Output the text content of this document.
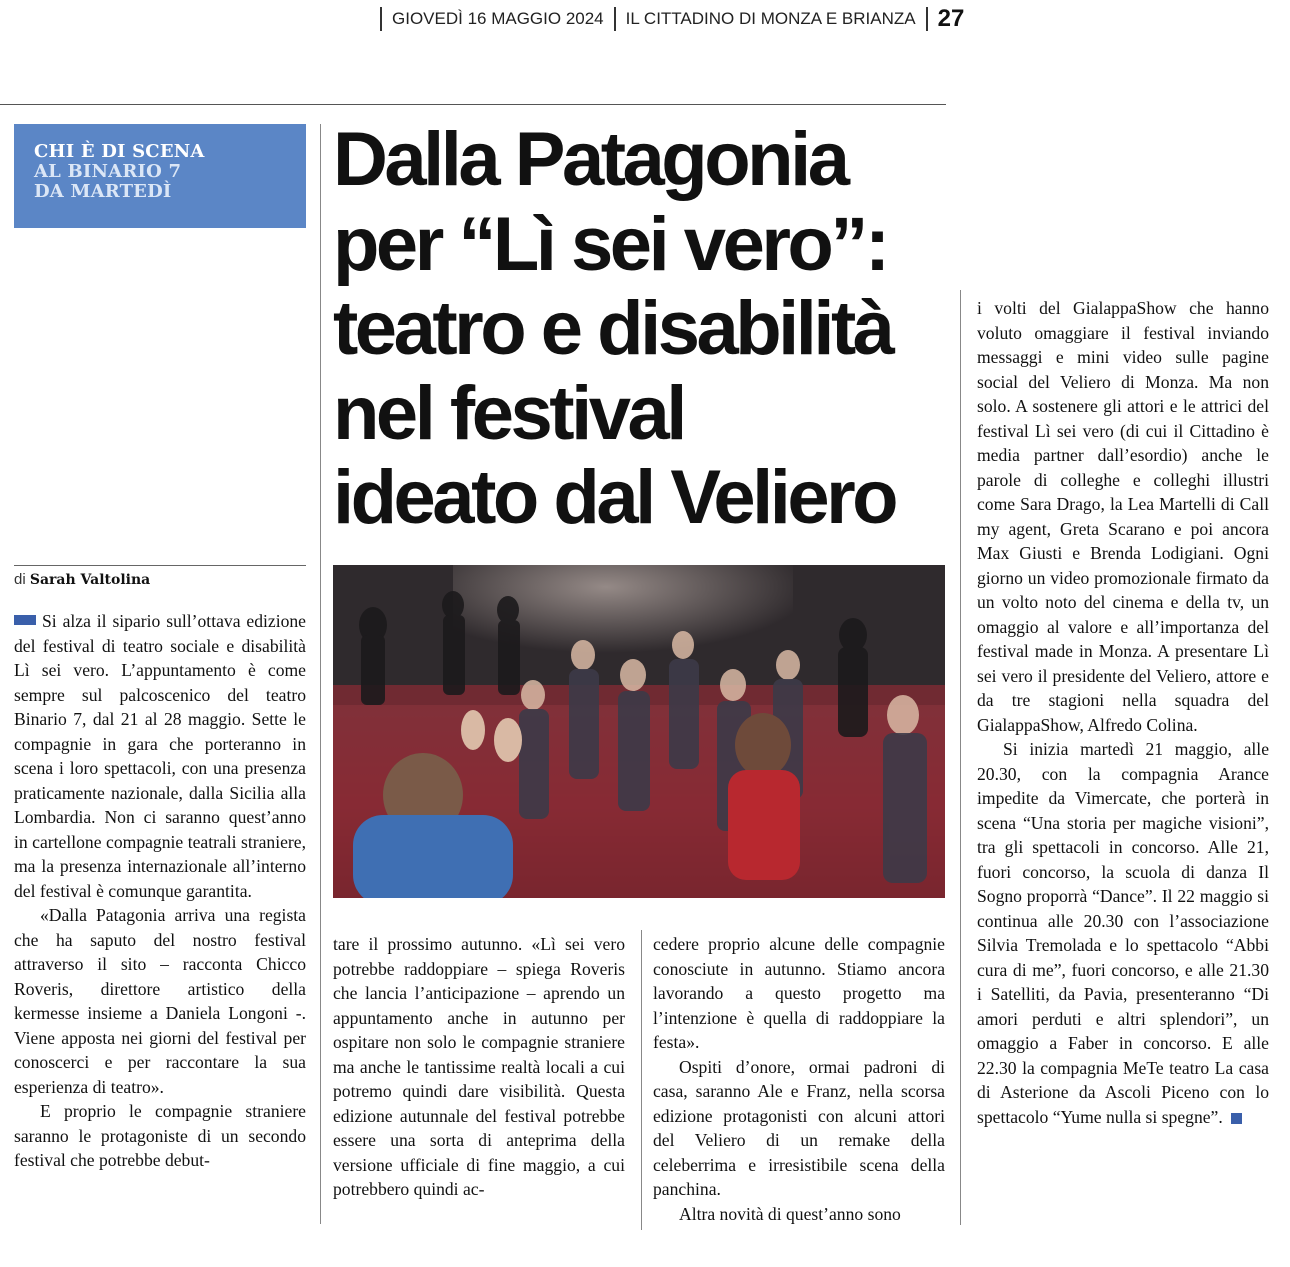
GIOVEDÌ 16 MAGGIO 2024 IL CITTADINO DI MONZA E BRIANZA 27
CHI È DI SCENA
AL BINARIO 7
DA MARTEDÌ	Dalla Patagonia
per “Lì sei vero”:
teatro e disabilità
nel festival
ideato dal Veliero
di Sarah Valtolina

Si alza il sipario sull’ottava edizione del festival di teatro sociale e disabilità Lì sei vero. L’appuntamento è come sempre sul palcoscenico del teatro Binario 7, dal 21 al 28 maggio. Sette le compagnie in gara che porteranno in scena i loro spettacoli, con una presenza praticamente nazionale, dalla Sicilia alla Lombardia. Non ci saranno quest’anno in cartellone compagnie teatrali straniere, ma la presenza internazionale all’interno del festival è comunque garantita.

«Dalla Patagonia arriva una regista che ha saputo del nostro festival attraverso il sito – racconta Chicco Roveris, direttore artistico della kermesse insieme a Daniela Longoni -. Viene apposta nei giorni del festival per conoscerci e per raccontare la sua esperienza di teatro».

E proprio le compagnie straniere saranno le protagoniste di un secondo festival che potrebbe debut-

tare il prossimo autunno. «Lì sei vero potrebbe raddoppiare – spiega Roveris che lancia l’anticipazione – aprendo un appuntamento anche in autunno per ospitare non solo le compagnie straniere ma anche le tantissime realtà locali a cui potremo quindi dare visibilità. Questa edizione autunnale del festival potrebbe essere una sorta di anteprima della versione ufficiale di fine maggio, a cui potrebbero quindi ac-

cedere proprio alcune delle compagnie conosciute in autunno. Stiamo ancora lavorando a questo progetto ma l’intenzione è quella di raddoppiare la festa».

Ospiti d’onore, ormai padroni di casa, saranno Ale e Franz, nella scorsa edizione protagonisti con alcuni attori del Veliero di un remake della celeberrima e irresistibile scena della panchina.

Altra novità di quest’anno sono

i volti del GialappaShow che hanno voluto omaggiare il festival inviando messaggi e mini video sulle pagine social del Veliero di Monza. Ma non solo. A sostenere gli attori e le attrici del festival Lì sei vero (di cui il Cittadino è media partner dall’esordio) anche le parole di colleghe e colleghi illustri come Sara Drago, la Lea Martelli di Call my agent, Greta Scarano e poi ancora Max Giusti e Brenda Lodigiani. Ogni giorno un video promozionale firmato da un volto noto del cinema e della tv, un omaggio al valore e all’importanza del festival made in Monza. A presentare Lì sei vero il presidente del Veliero, attore e da tre stagioni nella squadra del GialappaShow, Alfredo Colina.

Si inizia martedì 21 maggio, alle 20.30, con la compagnia Arance impedite da Vimercate, che porterà in scena “Una storia per magiche visioni”, tra gli spettacoli in concorso. Alle 21, fuori concorso, la scuola di danza Il Sogno proporrà “Dance”. Il 22 maggio si continua alle 20.30 con l’associazione Silvia Tremolada e lo spettacolo “Abbi cura di me”, fuori concorso, e alle 21.30 i Satelliti, da Pavia, presenteranno “Di amori perduti e altri splendori”, un omaggio a Faber in concorso. E alle 22.30 la compagnia MeTe teatro La casa di Asterione da Ascoli Piceno con lo spettacolo “Yume nulla si spegne”.
